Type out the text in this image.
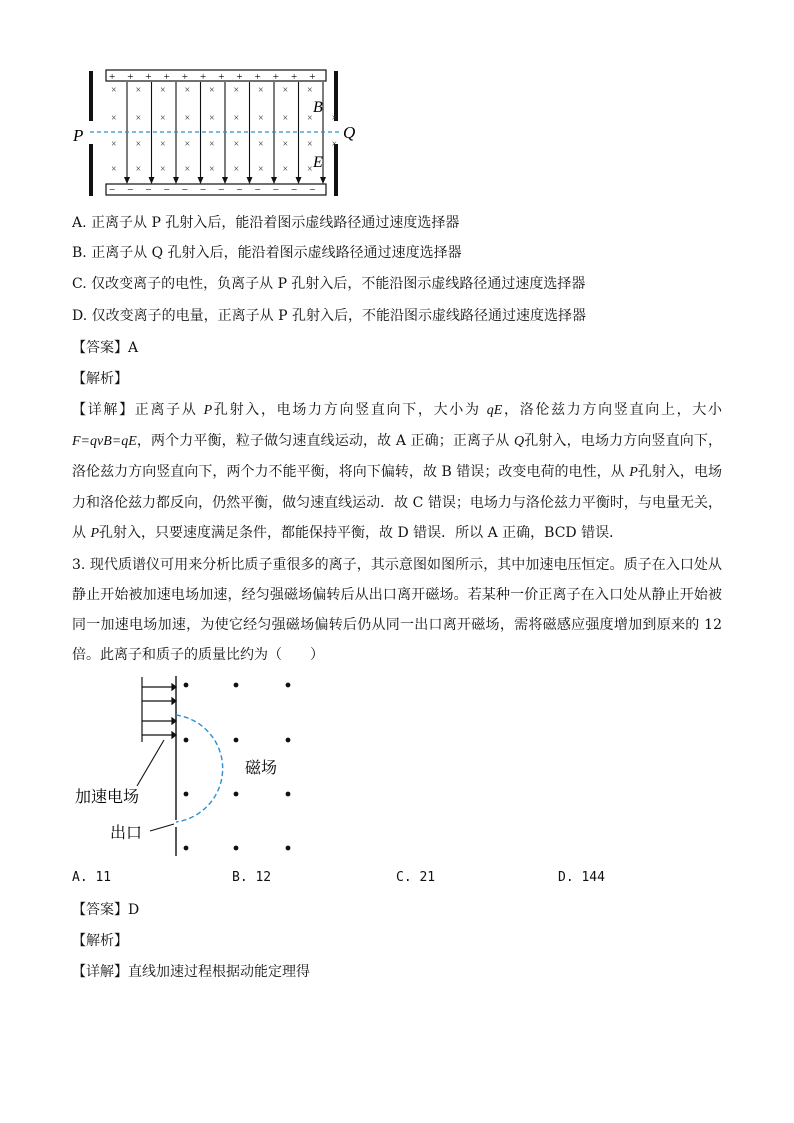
+ + + + + + + + + + + +
− − − − − − − − − − − −
× × × × × × × × ×
× × × × × × × × × ×
× × × × × × × × × ×
× × × × × × × × ×
P	Q
B
E
A. 正离子从 P 孔射入后，能沿着图示虚线路径通过速度选择器
B. 正离子从 Q 孔射入后，能沿着图示虚线路径通过速度选择器
C. 仅改变离子的电性，负离子从 P 孔射入后，不能沿图示虚线路径通过速度选择器
D. 仅改变离子的电量，正离子从 P 孔射入后，不能沿图示虚线路径通过速度选择器
【答案】A
【解析】
【详解】正离子从 P孔射入，电场力方向竖直向下，大小为 qE，洛伦兹力方向竖直向上，大小 F=qvB=qE，两个力平衡，粒子做匀速直线运动，故 A 正确；正离子从 Q孔射入，电场力方向竖直向下，洛伦兹力方向竖直向下，两个力不能平衡，将向下偏转，故 B 错误；改变电荷的电性，从 P孔射入，电场力和洛伦兹力都反向，仍然平衡，做匀速直线运动．故 C 错误；电场力与洛伦兹力平衡时，与电量无关，从 P孔射入，只要速度满足条件，都能保持平衡，故 D 错误．所以 A 正确，BCD 错误．
3. 现代质谱仪可用来分析比质子重很多的离子，其示意图如图所示，其中加速电压恒定。质子在入口处从静止开始被加速电场加速，经匀强磁场偏转后从出口离开磁场。若某种一价正离子在入口处从静止开始被同一加速电场加速，为使它经匀强磁场偏转后仍从同一出口离开磁场，需将磁感应强度增加到原来的 12 倍。此离子和质子的质量比约为（　　）
磁场
加速电场
出口
A. 11	B. 12	C. 21	D. 144
【答案】D
【解析】
【详解】直线加速过程根据动能定理得
